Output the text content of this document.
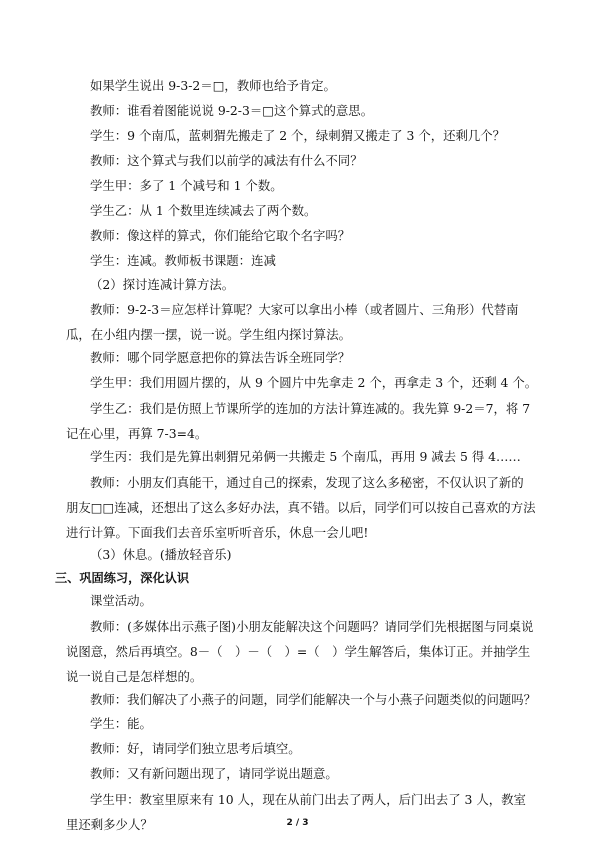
如果学生说出 9-3-2＝□，教师也给予肯定。
教师：谁看着图能说说 9-2-3＝□这个算式的意思。
学生：9 个南瓜，蓝刺猬先搬走了 2 个，绿刺猬又搬走了 3 个，还剩几个？
教师：这个算式与我们以前学的减法有什么不同？
学生甲：多了 1 个减号和 1 个数。
学生乙：从 1 个数里连续减去了两个数。
教师：像这样的算式，你们能给它取个名字吗？
学生：连减。教师板书课题：连减
（2）探讨连减计算方法。
教师：9-2-3＝应怎样计算呢？大家可以拿出小棒（或者圆片、三角形）代替南瓜，在小组内摆一摆，说一说。学生组内探讨算法。
教师：哪个同学愿意把你的算法告诉全班同学？
学生甲：我们用圆片摆的，从 9 个圆片中先拿走 2 个，再拿走 3 个，还剩 4 个。
学生乙：我们是仿照上节课所学的连加的方法计算连减的。我先算 9-2＝7，将 7 记在心里，再算 7-3=4。
学生丙：我们是先算出刺猬兄弟俩一共搬走 5 个南瓜，再用 9 减去 5 得 4……
教师：小朋友们真能干，通过自己的探索，发现了这么多秘密，不仅认识了新的朋友□□连减，还想出了这么多好办法，真不错。以后，同学们可以按自己喜欢的方法进行计算。下面我们去音乐室听听音乐，休息一会儿吧!
（3）休息。(播放轻音乐)
三、巩固练习，深化认识
课堂活动。
教师：(多媒体出示燕子图)小朋友能解决这个问题吗？请同学们先根据图与同桌说说图意，然后再填空。8－（　）－（　）=（　）学生解答后，集体订正。并抽学生说一说自己是怎样想的。
教师：我们解决了小燕子的问题，同学们能解决一个与小燕子问题类似的问题吗？
学生：能。
教师：好，请同学们独立思考后填空。
教师：又有新问题出现了，请同学说出题意。
学生甲：教室里原来有 10 人，现在从前门出去了两人，后门出去了 3 人，教室里还剩多少人？	2 / 3
